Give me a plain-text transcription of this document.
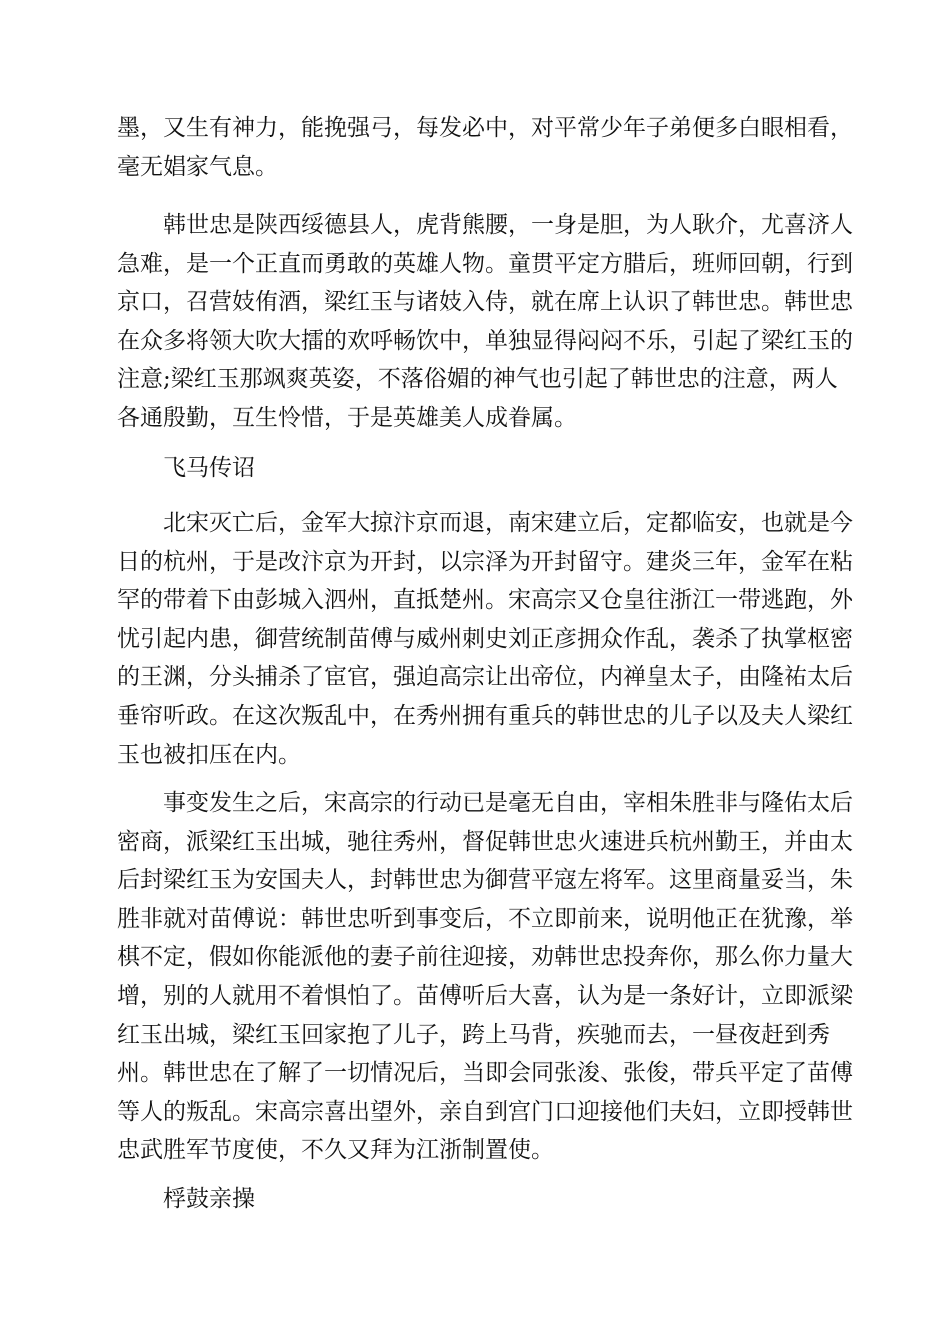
墨，又生有神力，能挽强弓，每发必中，对平常少年子弟便多白眼相看，
毫无娼家气息。
　　韩世忠是陕西绥德县人，虎背熊腰，一身是胆，为人耿介，尤喜济人
急难，是一个正直而勇敢的英雄人物。童贯平定方腊后，班师回朝，行到
京口，召营妓侑酒，梁红玉与诸妓入侍，就在席上认识了韩世忠。韩世忠
在众多将领大吹大擂的欢呼畅饮中，单独显得闷闷不乐，引起了梁红玉的
注意;梁红玉那飒爽英姿，不落俗媚的神气也引起了韩世忠的注意，两人
各通殷勤，互生怜惜，于是英雄美人成眷属。
飞马传诏
　　北宋灭亡后，金军大掠汴京而退，南宋建立后，定都临安，也就是今
日的杭州，于是改汴京为开封，以宗泽为开封留守。建炎三年，金军在粘
罕的带着下由彭城入泗州，直抵楚州。宋高宗又仓皇往浙江一带逃跑，外
忧引起内患，御营统制苗傅与威州刺史刘正彦拥众作乱，袭杀了执掌枢密
的王渊，分头捕杀了宦官，强迫高宗让出帝位，内禅皇太子，由隆祐太后
垂帘听政。在这次叛乱中，在秀州拥有重兵的韩世忠的儿子以及夫人梁红
玉也被扣压在内。
　　事变发生之后，宋高宗的行动已是毫无自由，宰相朱胜非与隆佑太后
密商，派梁红玉出城，驰往秀州，督促韩世忠火速进兵杭州勤王，并由太
后封梁红玉为安国夫人，封韩世忠为御营平寇左将军。这里商量妥当，朱
胜非就对苗傅说：韩世忠听到事变后，不立即前来，说明他正在犹豫，举
棋不定，假如你能派他的妻子前往迎接，劝韩世忠投奔你，那么你力量大
增，别的人就用不着惧怕了。苗傅听后大喜，认为是一条好计，立即派梁
红玉出城，梁红玉回家抱了儿子，跨上马背，疾驰而去，一昼夜赶到秀
州。韩世忠在了解了一切情况后，当即会同张浚、张俊，带兵平定了苗傅
等人的叛乱。宋高宗喜出望外，亲自到宫门口迎接他们夫妇，立即授韩世
忠武胜军节度使，不久又拜为江浙制置使。
桴鼓亲操
